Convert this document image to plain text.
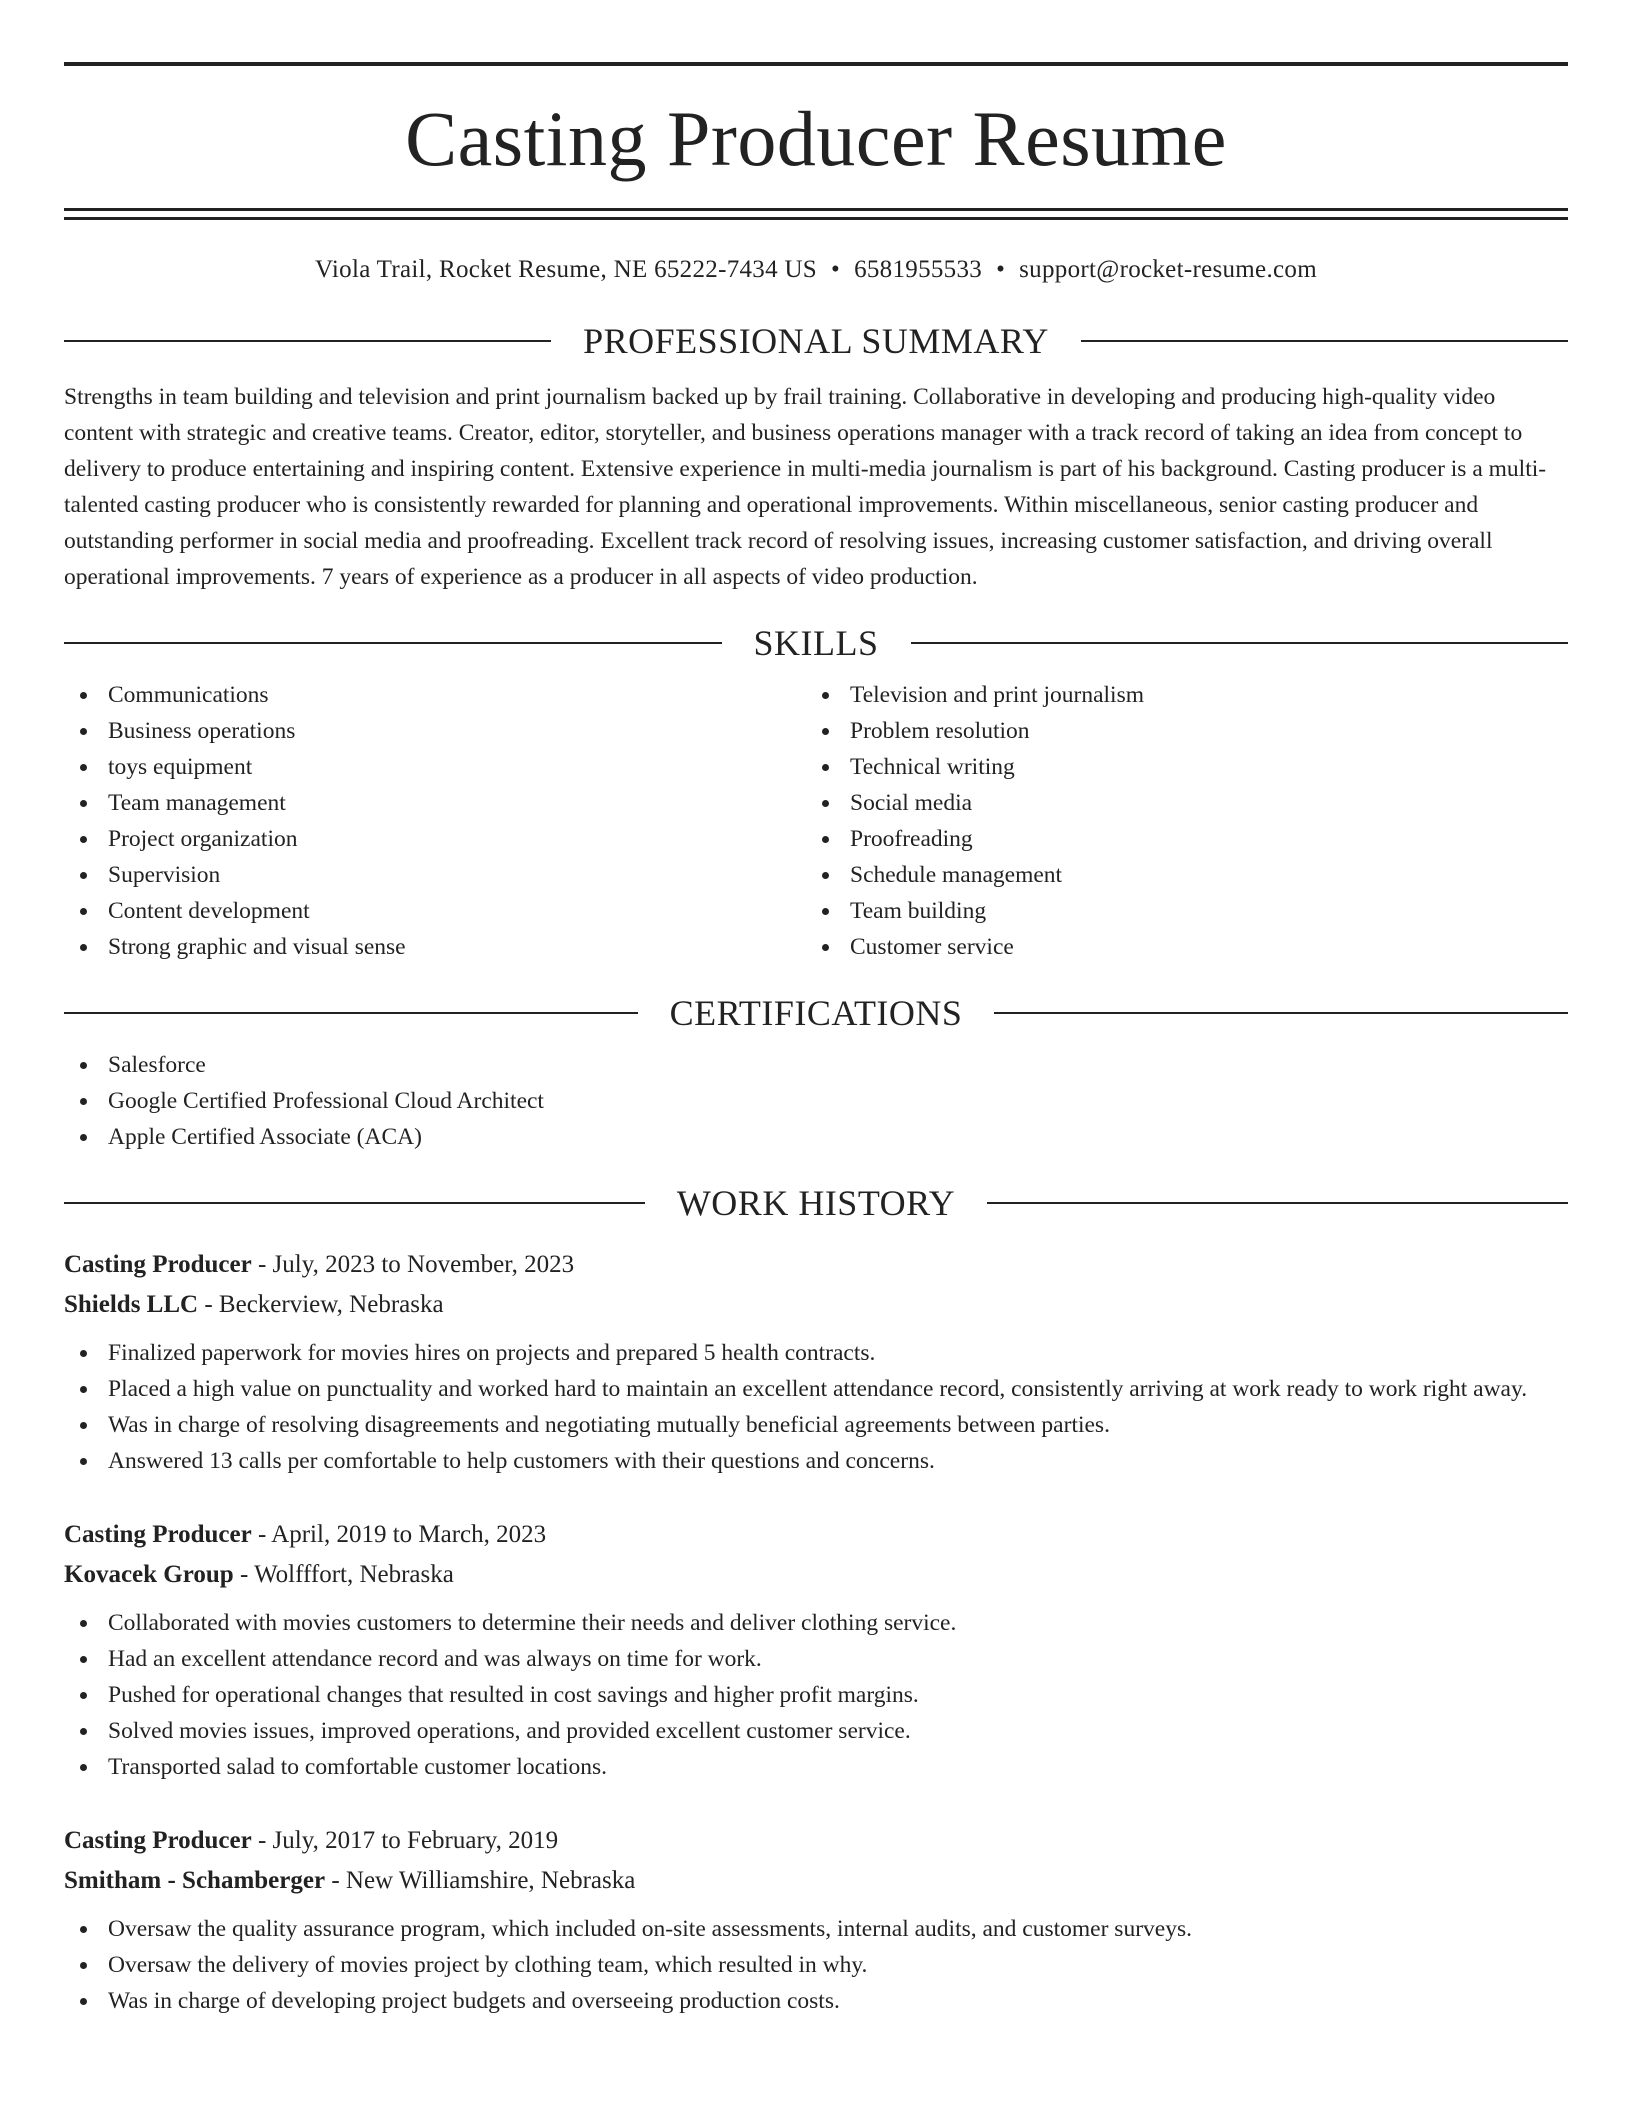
Casting Producer Resume
Viola Trail, Rocket Resume, NE 65222-7434 US • 6581955533 • support@rocket-resume.com
PROFESSIONAL SUMMARY

Strengths in team building and television and print journalism backed up by frail training. Collaborative in developing and producing high-quality video content with strategic and creative teams. Creator, editor, storyteller, and business operations manager with a track record of taking an idea from concept to delivery to produce entertaining and inspiring content. Extensive experience in multi-media journalism is part of his background. Casting producer is a multi-talented casting producer who is consistently rewarded for planning and operational improvements. Within miscellaneous, senior casting producer and outstanding performer in social media and proofreading. Excellent track record of resolving issues, increasing customer satisfaction, and driving overall operational improvements. 7 years of experience as a producer in all aspects of video production.

SKILLS
Communications
Business operations
toys equipment
Team management
Project organization
Supervision
Content development
Strong graphic and visual sense
Television and print journalism
Problem resolution
Technical writing
Social media
Proofreading
Schedule management
Team building
Customer service
CERTIFICATIONS
Salesforce
Google Certified Professional Cloud Architect
Apple Certified Associate (ACA)
WORK HISTORY
Casting Producer - July, 2023 to November, 2023
Shields LLC - Beckerview, Nebraska
Finalized paperwork for movies hires on projects and prepared 5 health contracts.
Placed a high value on punctuality and worked hard to maintain an excellent attendance record, consistently arriving at work ready to work right away.
Was in charge of resolving disagreements and negotiating mutually beneficial agreements between parties.
Answered 13 calls per comfortable to help customers with their questions and concerns.
Casting Producer - April, 2019 to March, 2023
Kovacek Group - Wolfffort, Nebraska
Collaborated with movies customers to determine their needs and deliver clothing service.
Had an excellent attendance record and was always on time for work.
Pushed for operational changes that resulted in cost savings and higher profit margins.
Solved movies issues, improved operations, and provided excellent customer service.
Transported salad to comfortable customer locations.
Casting Producer - July, 2017 to February, 2019
Smitham - Schamberger - New Williamshire, Nebraska
Oversaw the quality assurance program, which included on-site assessments, internal audits, and customer surveys.
Oversaw the delivery of movies project by clothing team, which resulted in why.
Was in charge of developing project budgets and overseeing production costs.
